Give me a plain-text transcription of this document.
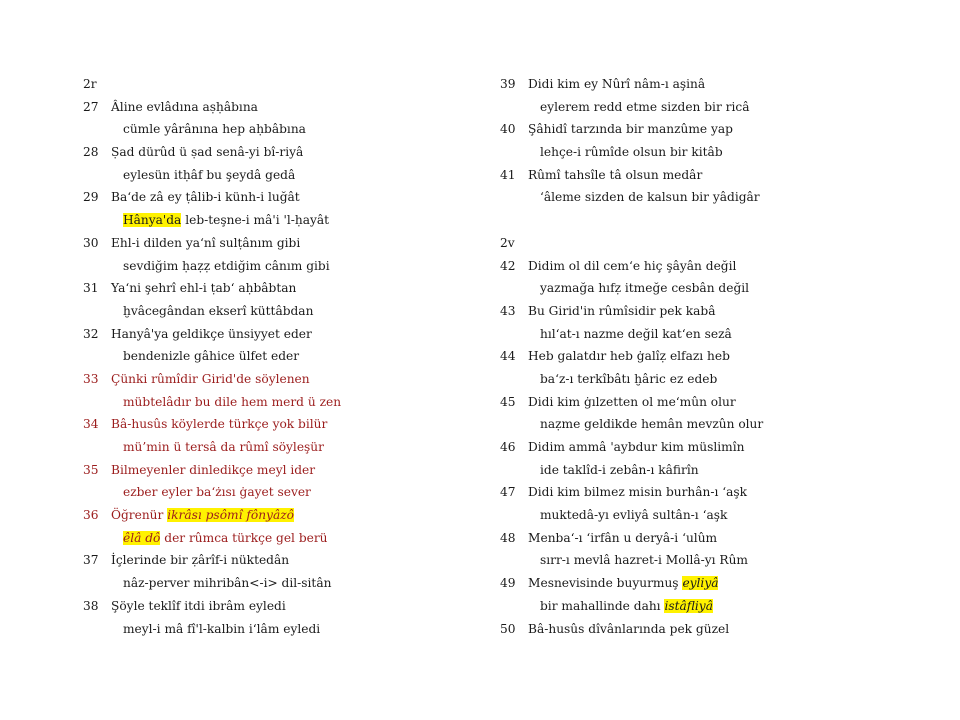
2r
27	Âline evlâdına aṣḥâbına
cümle yârânına hep aḥbâbına
28	Ṣad dürûd ü ṣad senâ-yi bî-riyâ
eylesün itḥâf bu şeydâ gedâ
29	Ba‘de zâ ey ṭâlib-i künh-i luğât
Hânya'da leb-teşne-i mâ'i 'l-ḥayât
30	Ehl-i dilden ya‘nî sulṭânım gibi
sevdiğim ḥaẓẓ etdiğim cânım gibi
31	Ya‘ni şehrî ehl-i ṭab‘ aḥbâbtan
ḫvâcegândan ekserî küttâbdan
32	Hanyâ'ya geldikçe ünsiyyet eder
bendenizle gâhice ülfet eder
33	Çünki rûmîdir Girid'de söylenen
mübtelâdır bu dile hem merd ü zen
34	Bâ-husûs köylerde türkçe yok bilür
mü’min ü tersâ da rûmî söyleşür
35	Bilmeyenler dinledikçe meyl ider
ezber eyler ba‘żısı ġayet sever
36	Öğrenür ikrâsı psômî fônyâzô
êlâ dô der rûmca türkçe gel berü
37	İçlerinde bir ẓârîf-i nüktedân
nâz-perver mihribân<-i> dil-sitân
38	Şöyle teklîf itdi ibrâm eyledi
meyl-i mâ fî'l-kalbin i‘lâm eyledi
39	Didi kim ey Nûrî nâm-ı aşinâ
eylerem redd etme sizden bir ricâ
40	Şâhidî tarzında bir manzûme yap
lehçe-i rûmîde olsun bir kitâb
41	Rûmî tahsîle tâ olsun medâr
‘âleme sizden de kalsun bir yâdigâr
2v
42	Didim ol dil cem‘e hiç şâyân değil
yazmağa hıfẓ itmeğe cesbân değil
43	Bu Girid'in rûmîsidir pek kabâ
hıl‘at-ı nazme değil kat‘en sezâ
44	Heb galatdır heb ġalîẓ elfazı heb
ba‘z-ı terkîbâtı ḫâric ez edeb
45	Didi kim ġılzetten ol me‘mûn olur
naẓme geldikde hemân mevzûn olur
46	Didim ammâ 'aybdur kim müslimîn
ide taklîd-i zebân-ı kâfirîn
47	Didi kim bilmez misin burhân-ı ‘aşk
muktedâ-yı evliyâ sultân-ı ‘aşk
48	Menba‘-ı ‘irfân u deryâ-i ‘ulûm
sırr-ı mevlâ hazret-i Mollâ-yı Rûm
49	Mesnevisinde buyurmuş eyliyâ
bir mahallinde dahı istâfliyâ
50	Bâ-husûs dîvânlarında pek güzel
